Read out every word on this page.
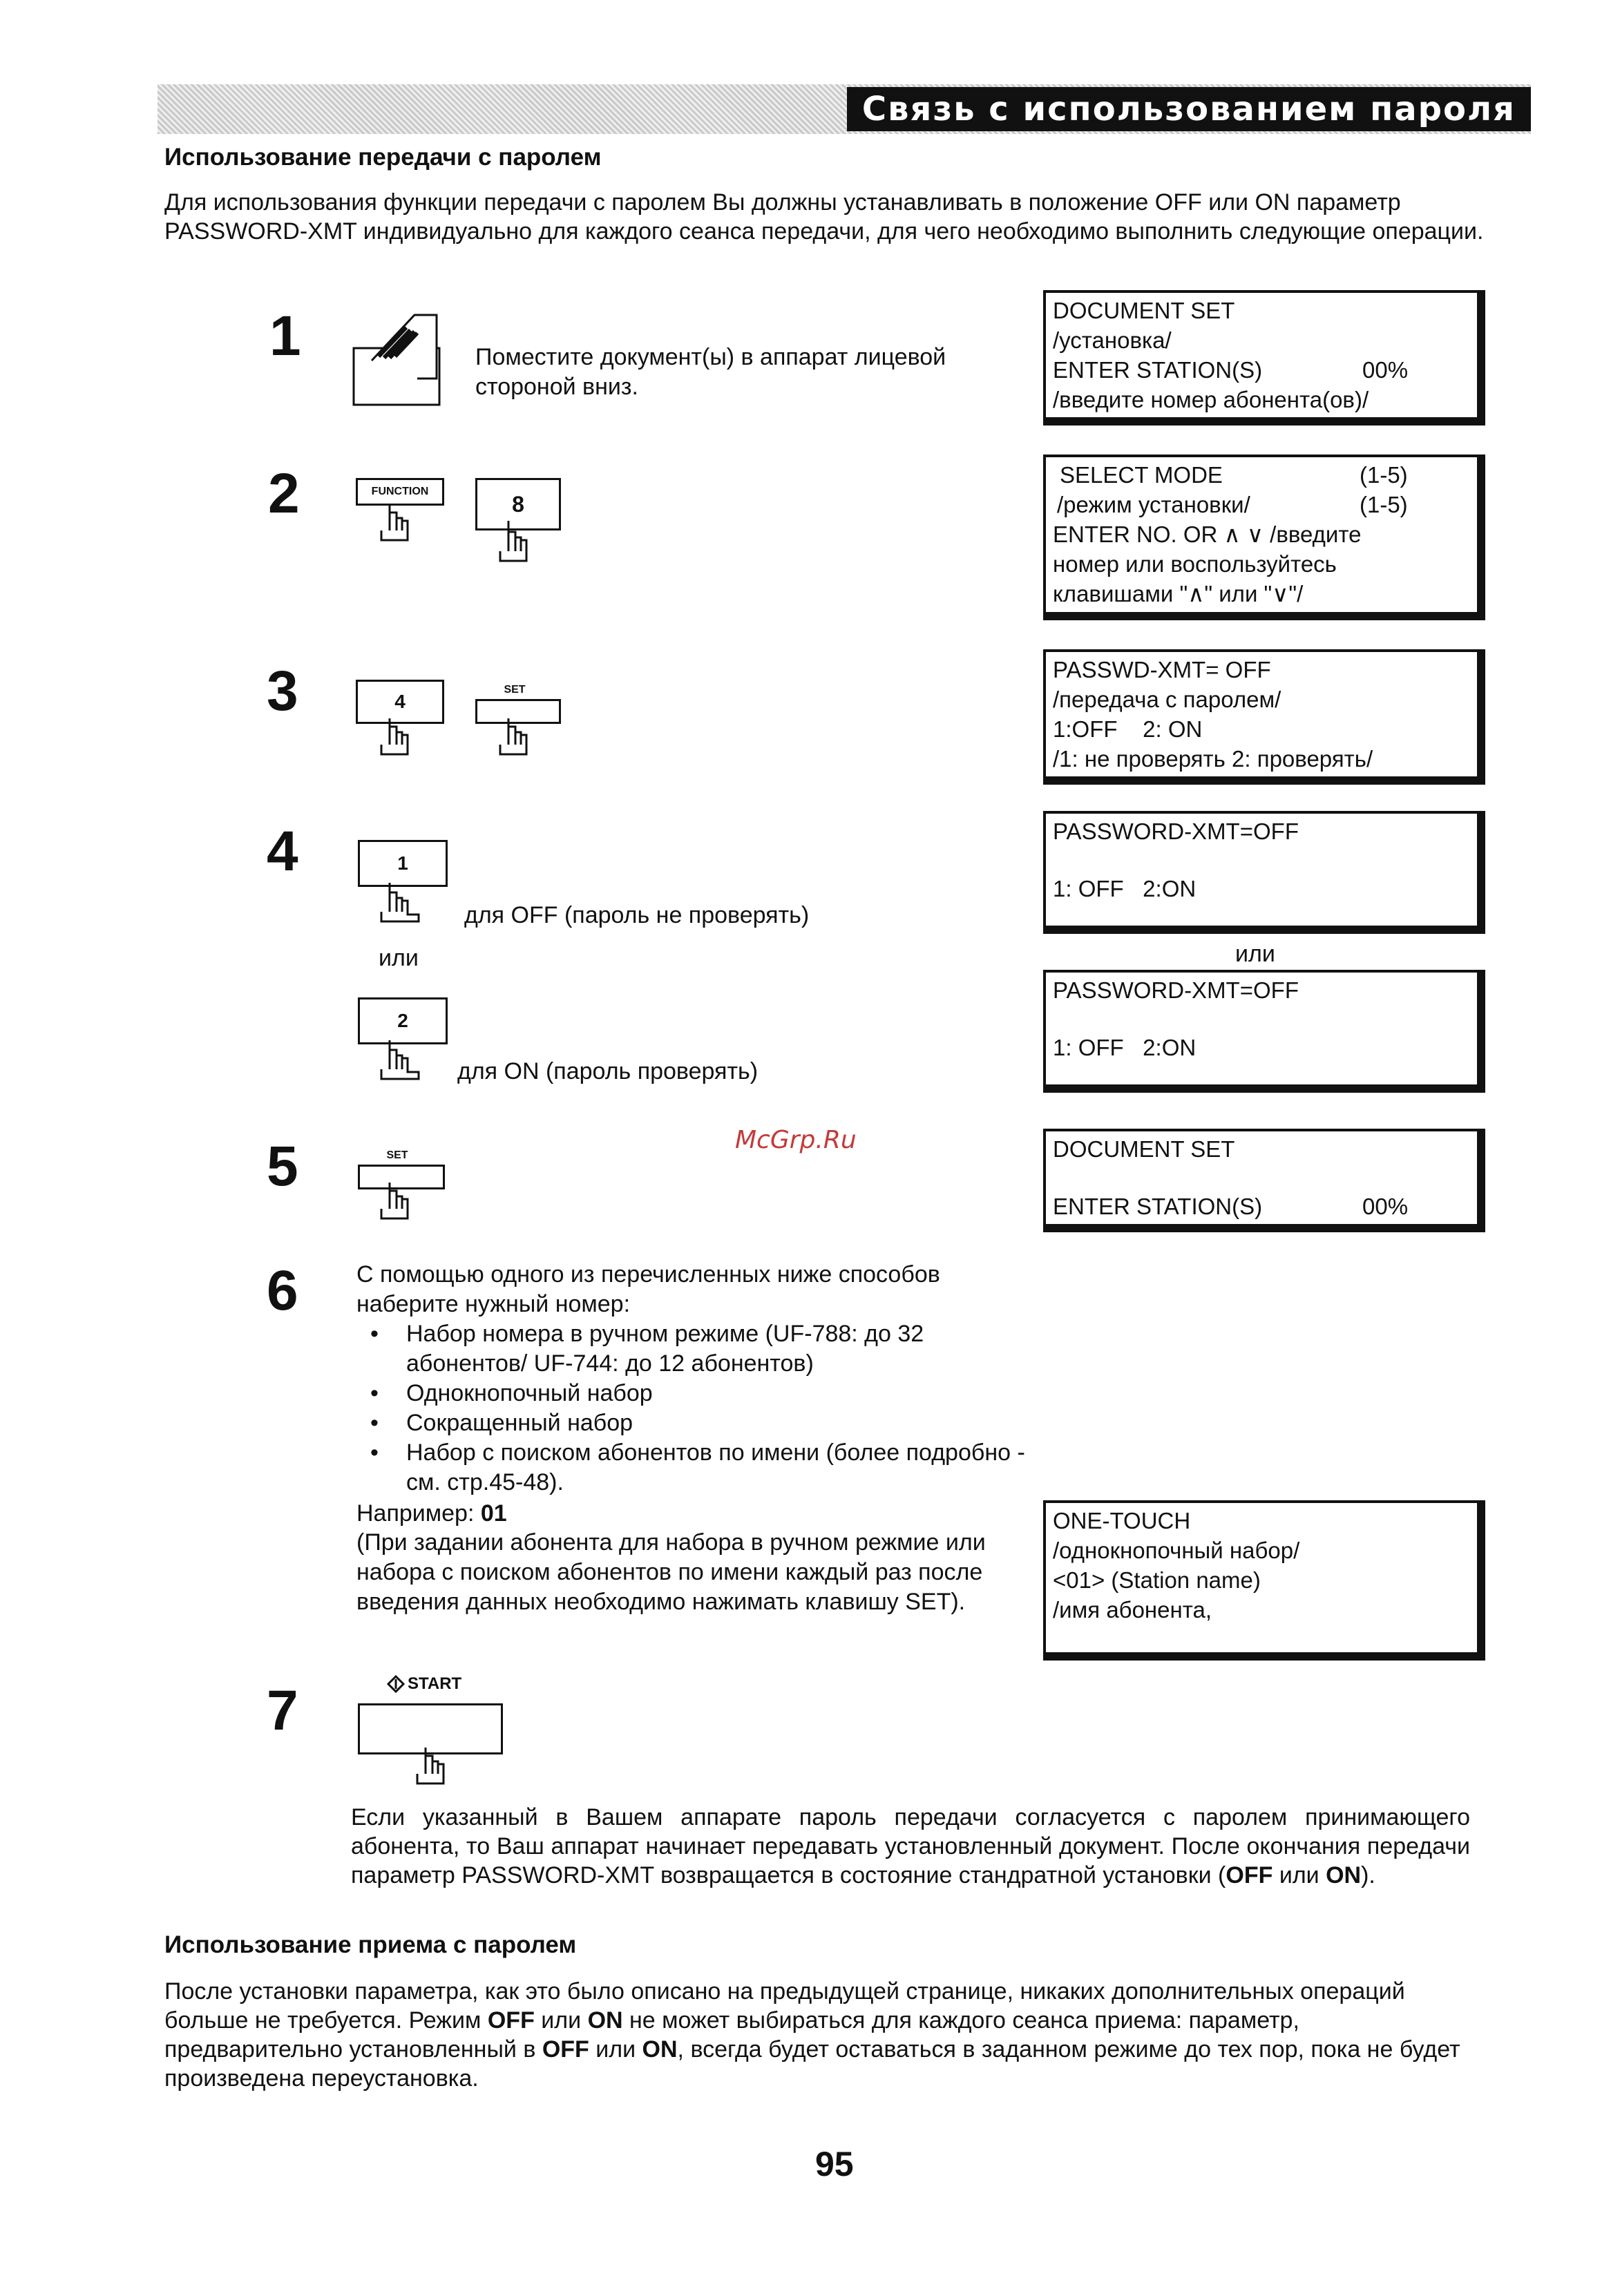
Связь с использованием пароля
Использование передачи с паролем
Для использования функции передачи с паролем Вы должны устанавливать в положение OFF или ON параметр PASSWORD-XMT индивидуально для каждого сеанса передачи, для чего необходимо выполнить следующие операции.
1	Поместите документ(ы) в аппарат лицевой стороной вниз.
2	FUNCTION	8
3	4
SET
4	1
для OFF (пароль не проверять)
или
2
для ON (пароль проверять)
5	SET
McGrp.Ru
6 С помощью одного из перечисленных ниже способов наберите нужный номер:
• Набор номера в ручном режиме (UF-788: до 32 абонентов/ UF-744: до 12 абонентов)
• Однокнопочный набор
• Сокращенный набор
• Набор с поиском абонентов по имени (более подробно - см. стр.45-48).
Например: 01
(При задании абонента для набора в ручном режмие или набора с поиском абонентов по имени каждый раз после введения данных необходимо нажимать клавишу SET).
7	START
Если указанный в Вашем аппарате пароль передачи согласуется с паролем принимающего абонента, то Ваш аппарат начинает передавать установленный документ. После окончания передачи параметр PASSWORD-XMT возвращается в состояние стандратной установки (OFF или ON).
DOCUMENT SET
/установка/
ENTER STATION(S)	00%
/введите номер абонента(ов)/
SELECT MODE	(1-5)
/режим установки/	(1-5)
ENTER NO. OR ∧ ∨ /введите
номер или воспользуйтесь
клавишами "∧" или "∨"/
PASSWD-XMT= OFF
/передача с паролем/
1:OFF    2: ON
/1: не проверять 2: проверять/
PASSWORD-XMT=OFF
1: OFF   2:ON
или
PASSWORD-XMT=OFF
1: OFF   2:ON
DOCUMENT SET
ENTER STATION(S)	00%
ONE-TOUCH
/однокнопочный набор/
<01> (Station name)
/имя абонента,
Использование приема с паролем
После установки параметра, как это было описано на предыдущей странице, никаких дополнительных операций больше не требуется. Режим OFF или ON не может выбираться для каждого сеанса приема: параметр, предварительно установленный в OFF или ON, всегда будет оставаться в заданном режиме до тех пор, пока не будет произведена переустановка.
95
